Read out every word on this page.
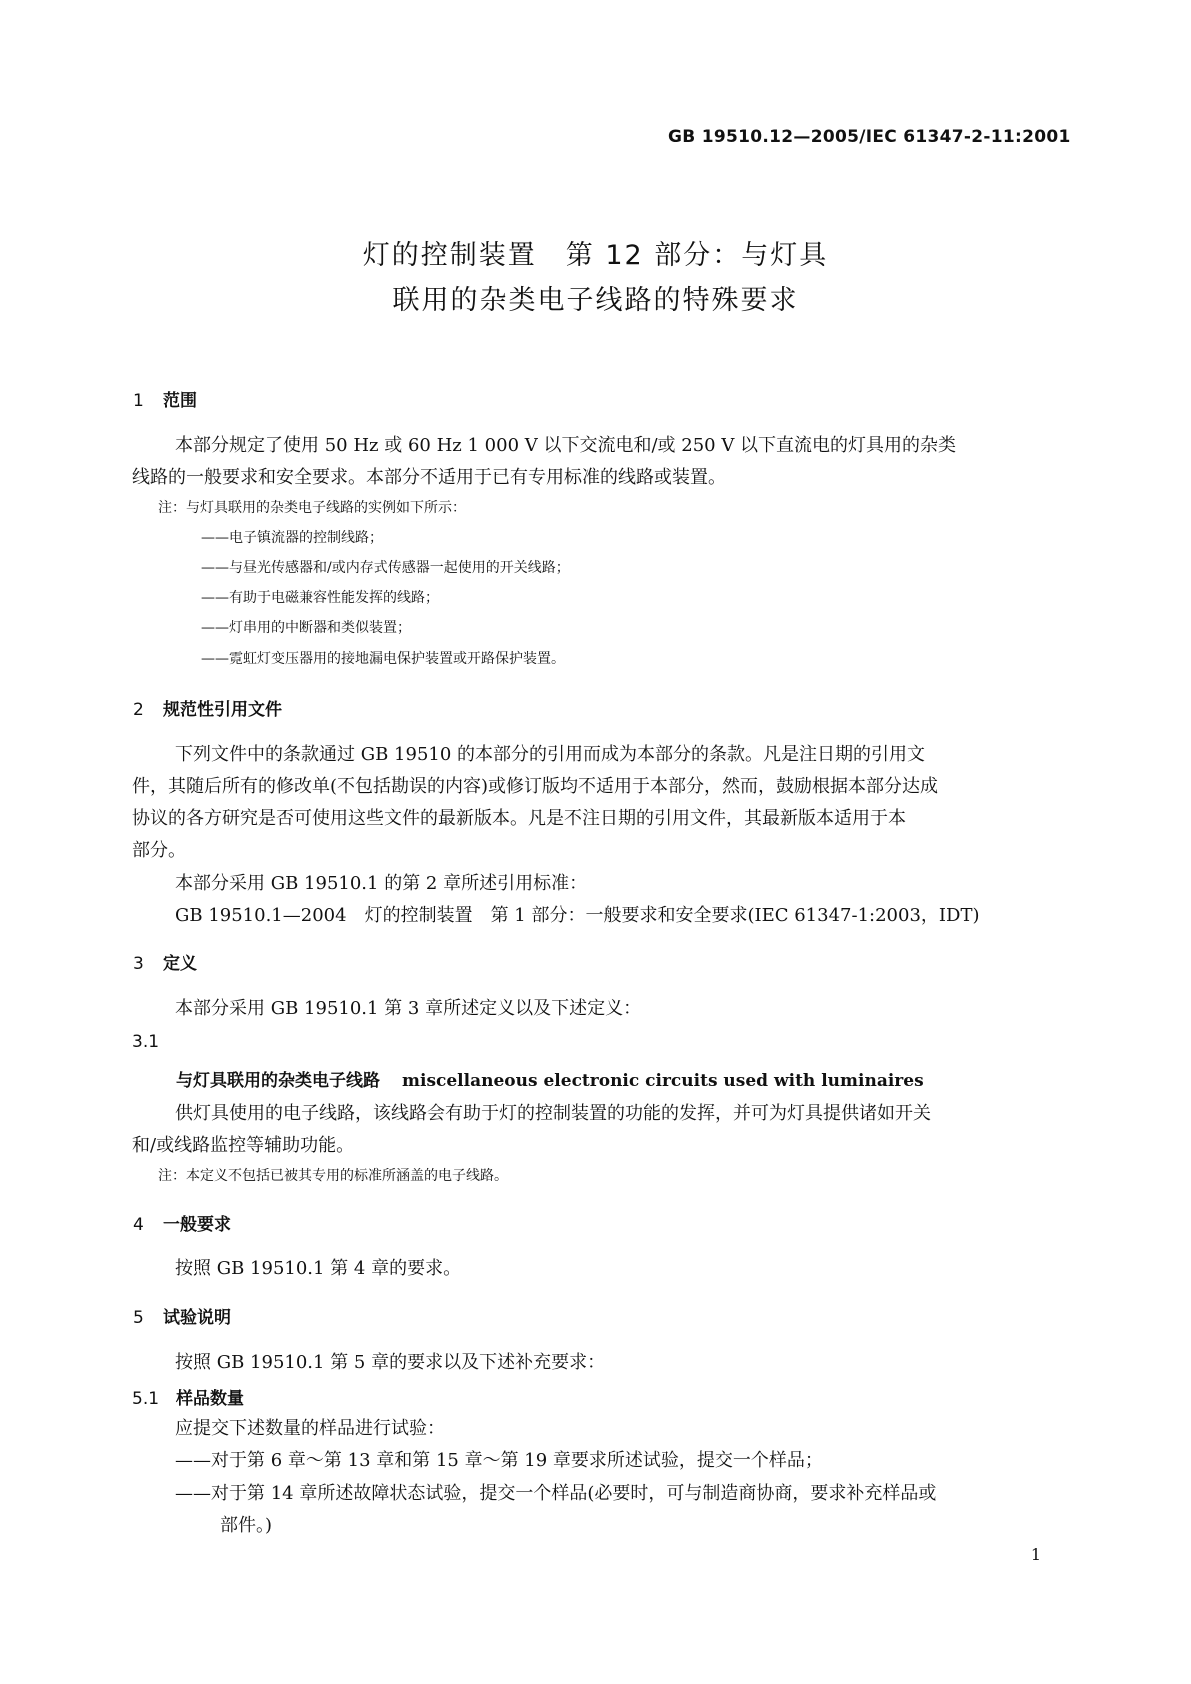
GB 19510.12—2005/IEC 61347-2-11:2001
灯的控制装置　第 12 部分：与灯具
联用的杂类电子线路的特殊要求
1 范围
本部分规定了使用 50 Hz 或 60 Hz 1 000 V 以下交流电和/或 250 V 以下直流电的灯具用的杂类
线路的一般要求和安全要求。本部分不适用于已有专用标准的线路或装置。
注：与灯具联用的杂类电子线路的实例如下所示：
——电子镇流器的控制线路；
——与昼光传感器和/或内存式传感器一起使用的开关线路；
——有助于电磁兼容性能发挥的线路；
——灯串用的中断器和类似装置；
——霓虹灯变压器用的接地漏电保护装置或开路保护装置。
2 规范性引用文件
下列文件中的条款通过 GB 19510 的本部分的引用而成为本部分的条款。凡是注日期的引用文
件，其随后所有的修改单(不包括勘误的内容)或修订版均不适用于本部分，然而，鼓励根据本部分达成
协议的各方研究是否可使用这些文件的最新版本。凡是不注日期的引用文件，其最新版本适用于本
部分。
本部分采用 GB 19510.1 的第 2 章所述引用标准：
GB 19510.1—2004　灯的控制装置　第 1 部分：一般要求和安全要求(IEC 61347-1:2003，IDT)
3 定义
本部分采用 GB 19510.1 第 3 章所述定义以及下述定义：
3.1
与灯具联用的杂类电子线路 miscellaneous electronic circuits used with luminaires
供灯具使用的电子线路，该线路会有助于灯的控制装置的功能的发挥，并可为灯具提供诸如开关
和/或线路监控等辅助功能。
注：本定义不包括已被其专用的标准所涵盖的电子线路。
4 一般要求
按照 GB 19510.1 第 4 章的要求。
5 试验说明
按照 GB 19510.1 第 5 章的要求以及下述补充要求：
5.1 样品数量
应提交下述数量的样品进行试验：
——对于第 6 章～第 13 章和第 15 章～第 19 章要求所述试验，提交一个样品；
——对于第 14 章所述故障状态试验，提交一个样品(必要时，可与制造商协商，要求补充样品或
部件。)
1
